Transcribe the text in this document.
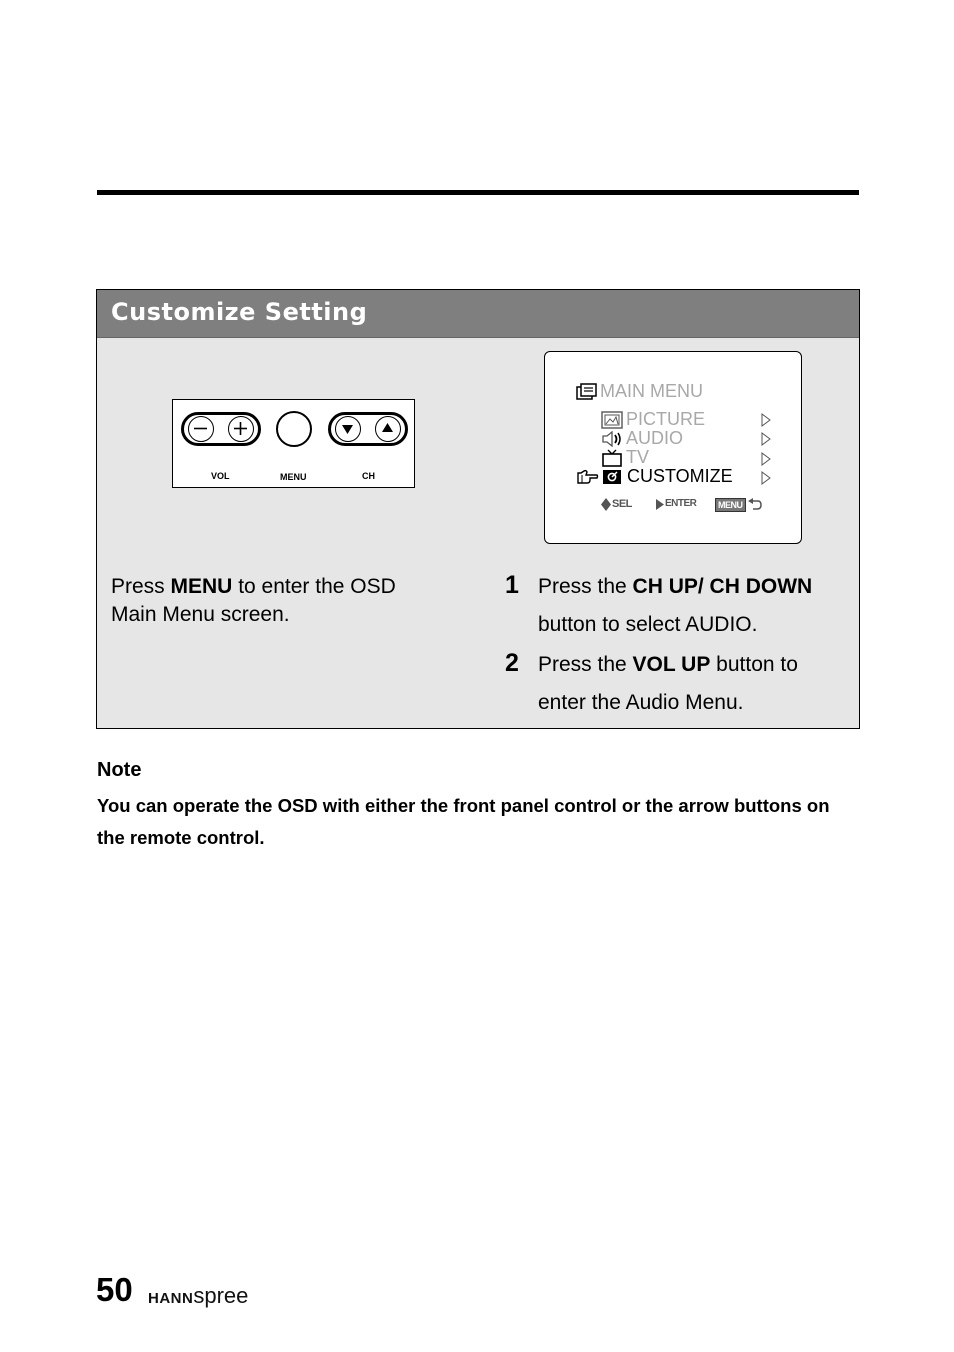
Customize Setting
VOL	MENU	CH
MAIN MENU
PICTURE
AUDIO
TV
CUSTOMIZE
SEL	ENTER	MENU
Press MENU to enter the OSD
Main Menu screen.
1 Press the CH UP/ CH DOWN
button to select AUDIO.
2 Press the VOL UP button to
enter the Audio Menu.
Note
You can operate the OSD with either the front panel control or the arrow buttons on the remote control.
50 HANNspree
